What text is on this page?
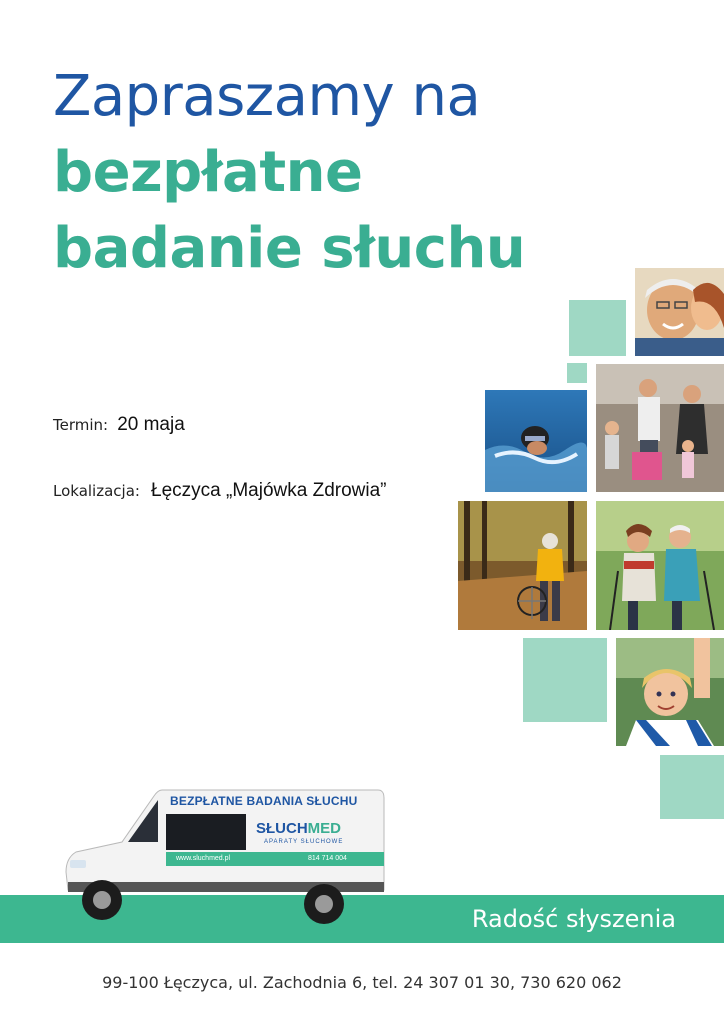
Zapraszamy na
bezpłatne
badanie słuchu
Termin: 20 maja
Lokalizacja: Łęczyca „Majówka Zdrowia”
Radość słyszenia
BEZPŁATNE BADANIA SŁUCHU
SŁUCHMED
APARATY SŁUCHOWE
www.sluchmed.pl	814 714 004
99-100 Łęczyca, ul. Zachodnia 6, tel. 24 307 01 30, 730 620 062
